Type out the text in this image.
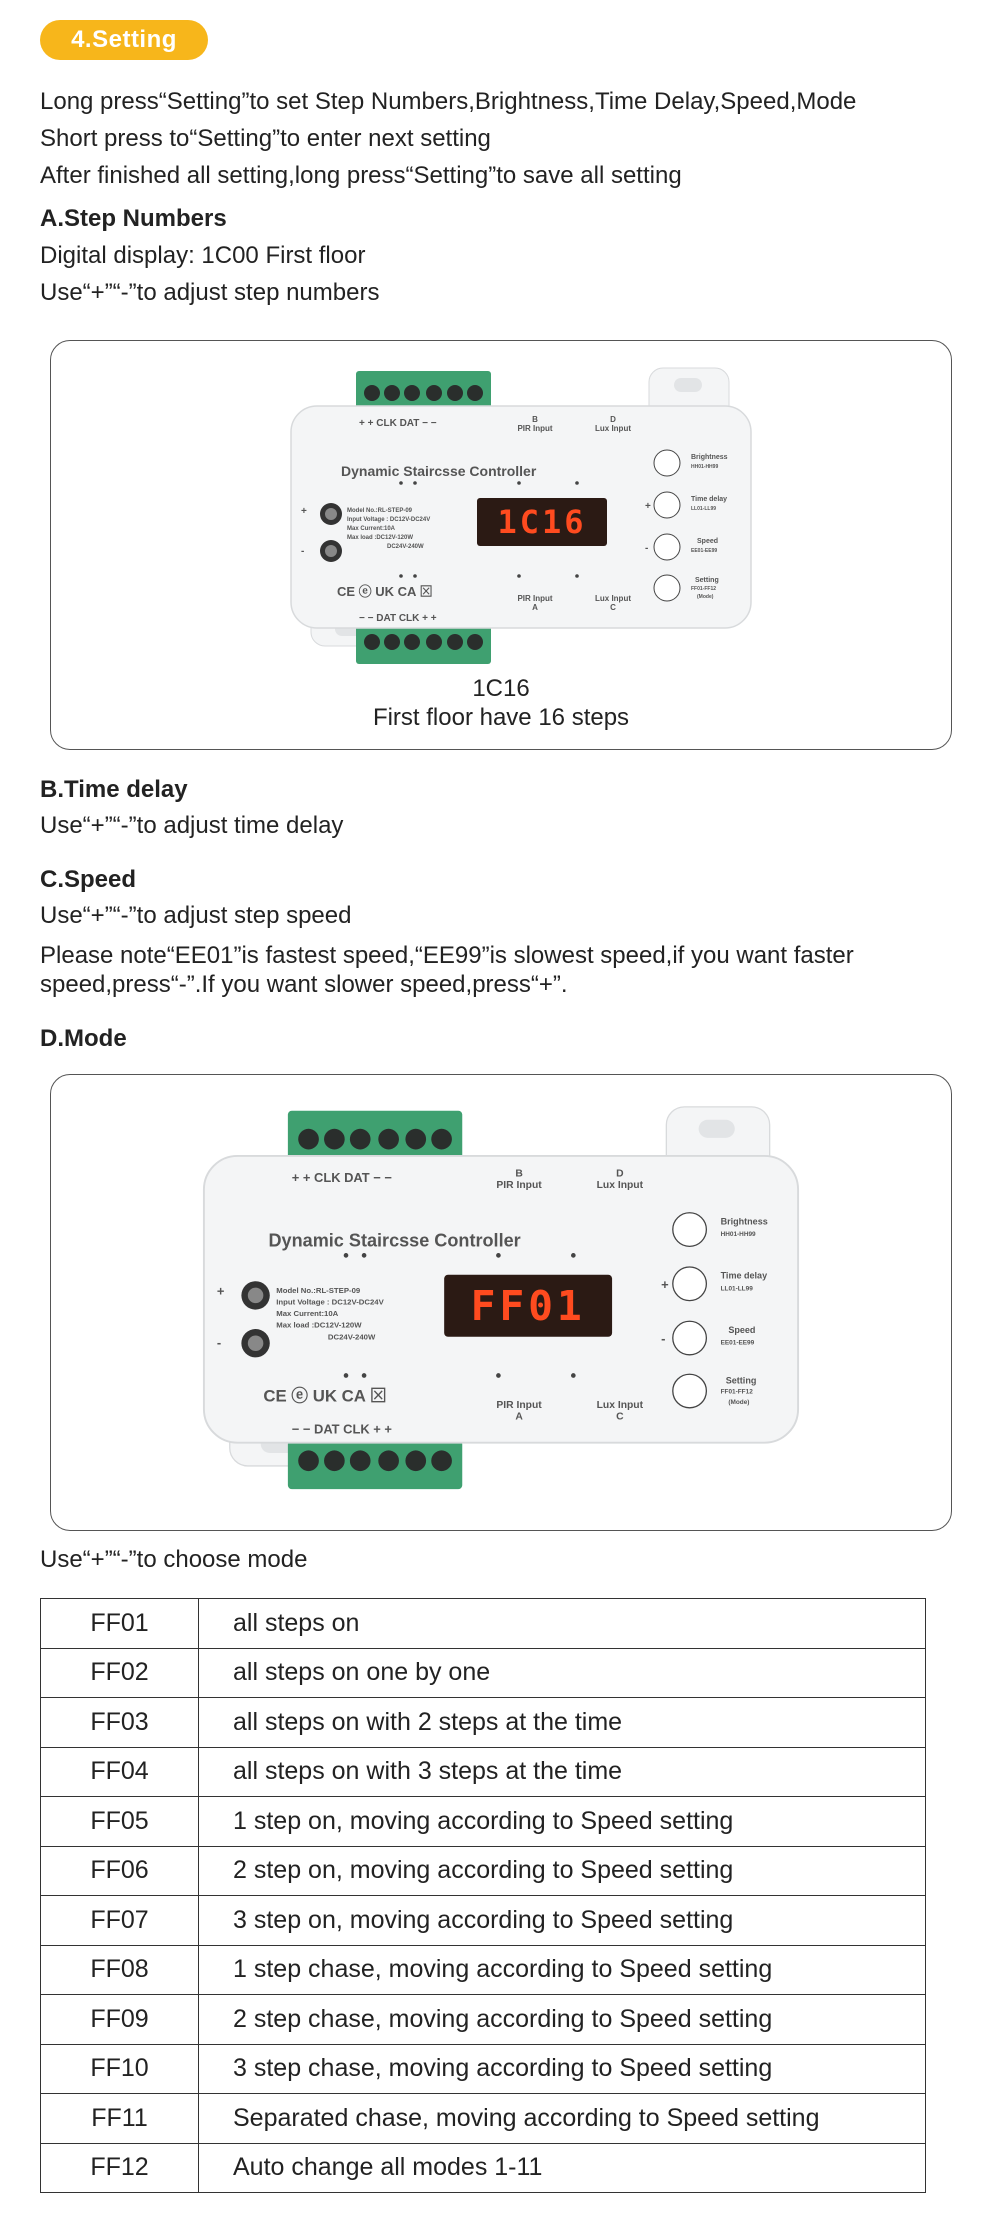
4.Setting
Long press“Setting”to set Step Numbers,Brightness,Time Delay,Speed,Mode
Short press to“Setting”to enter next setting
After finished all setting,long press“Setting”to save all setting
A.Step Numbers
Digital display: 1C00 First floor
Use“+”“-”to adjust step numbers
+ + CLK DAT − −	B
PIR Input
D
Lux Input
Dynamic Staircsse Controller
+
-
Model No.:RL-STEP-09
Input Voltage : DC12V-DC24V
Max Current:10A
Max load :DC12V-120W
DC24V-240W
1C16
CE ⓔ UK CA ⊠
− − DAT CLK + +
PIR Input
A
Lux Input
C
+
-
Brightness
HH01-HH99
Time delay
LL01-LL99
Speed
EE01-EE99
Setting
FF01-FF12
(Mode)
1C16
First floor have 16 steps
B.Time delay
Use“+”“-”to adjust time delay
C.Speed
Use“+”“-”to adjust step speed
Please note“EE01”is fastest speed,“EE99”is slowest speed,if you want faster speed,press“-”.If you want slower speed,press“+”.
D.Mode
+ + CLK DAT − −	B
PIR Input
D
Lux Input
Dynamic Staircsse Controller
+
-
Model No.:RL-STEP-09
Input Voltage : DC12V-DC24V
Max Current:10A
Max load :DC12V-120W
DC24V-240W
FF01
CE ⓔ UK CA ⊠
− − DAT CLK + +
PIR Input
A
Lux Input
C
+
-
Brightness
HH01-HH99
Time delay
LL01-LL99
Speed
EE01-EE99
Setting
FF01-FF12
(Mode)
Use“+”“-”to choose mode
FF01	all steps on
FF02	all steps on one by one
FF03	all steps on with 2 steps at the time
FF04	all steps on with 3 steps at the time
FF05	1 step on, moving according to Speed setting
FF06	2 step on, moving according to Speed setting
FF07	3 step on, moving according to Speed setting
FF08	1 step chase, moving according to Speed setting
FF09	2 step chase, moving according to Speed setting
FF10	3 step chase, moving according to Speed setting
FF11	Separated chase, moving according to Speed setting
FF12	Auto change all modes 1-11
